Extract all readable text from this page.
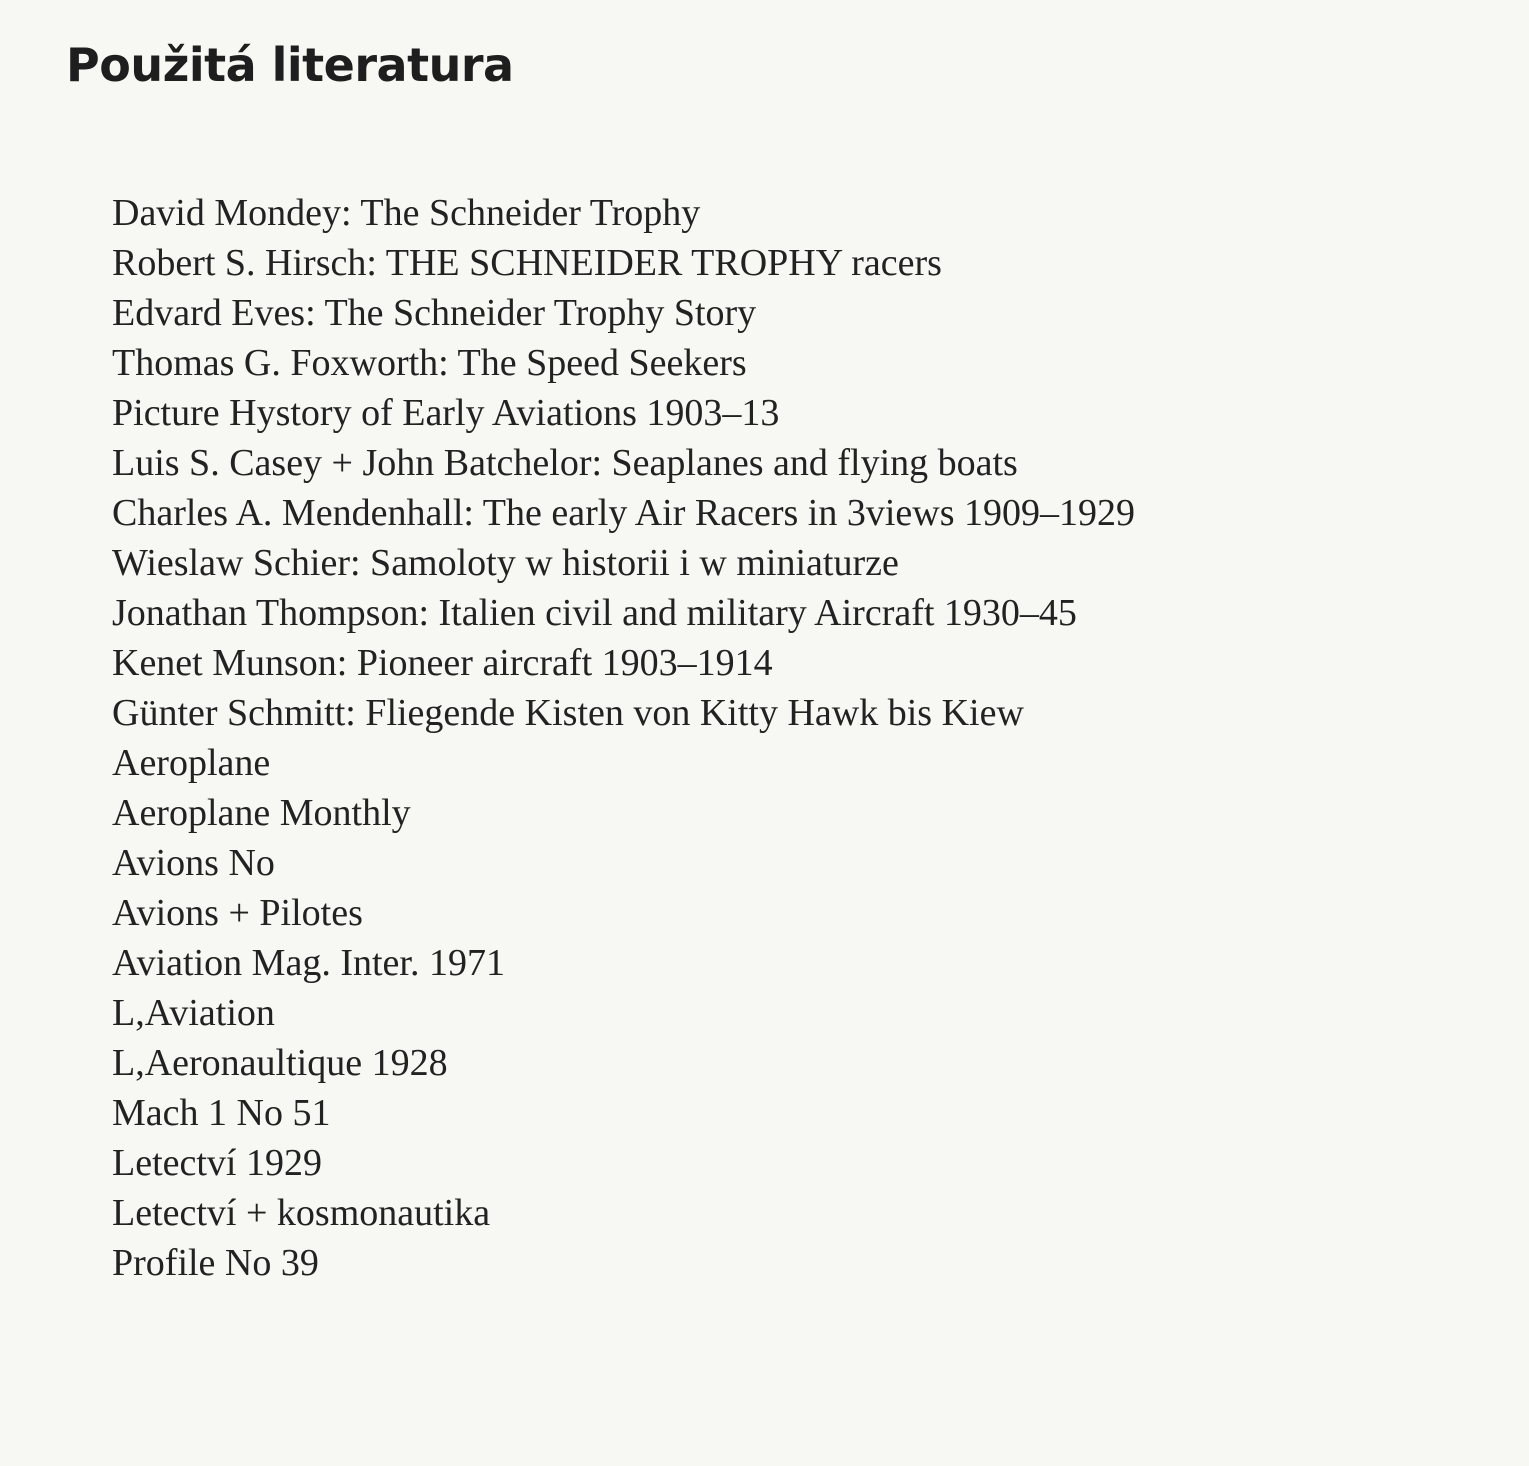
Použitá literatura
David Mondey: The Schneider Trophy
Robert S. Hirsch: THE SCHNEIDER TROPHY racers
Edvard Eves: The Schneider Trophy Story
Thomas G. Foxworth: The Speed Seekers
Picture Hystory of Early Aviations 1903–13
Luis S. Casey + John Batchelor: Seaplanes and flying boats
Charles A. Mendenhall: The early Air Racers in 3views 1909–1929
Wieslaw Schier: Samoloty w historii i w miniaturze
Jonathan Thompson: Italien civil and military Aircraft 1930–45
Kenet Munson: Pioneer aircraft 1903–1914
Günter Schmitt: Fliegende Kisten von Kitty Hawk bis Kiew
Aeroplane
Aeroplane Monthly
Avions No
Avions + Pilotes
Aviation Mag. Inter. 1971
L,Aviation
L,Aeronaultique 1928
Mach 1 No 51
Letectví 1929
Letectví + kosmonautika
Profile No 39
